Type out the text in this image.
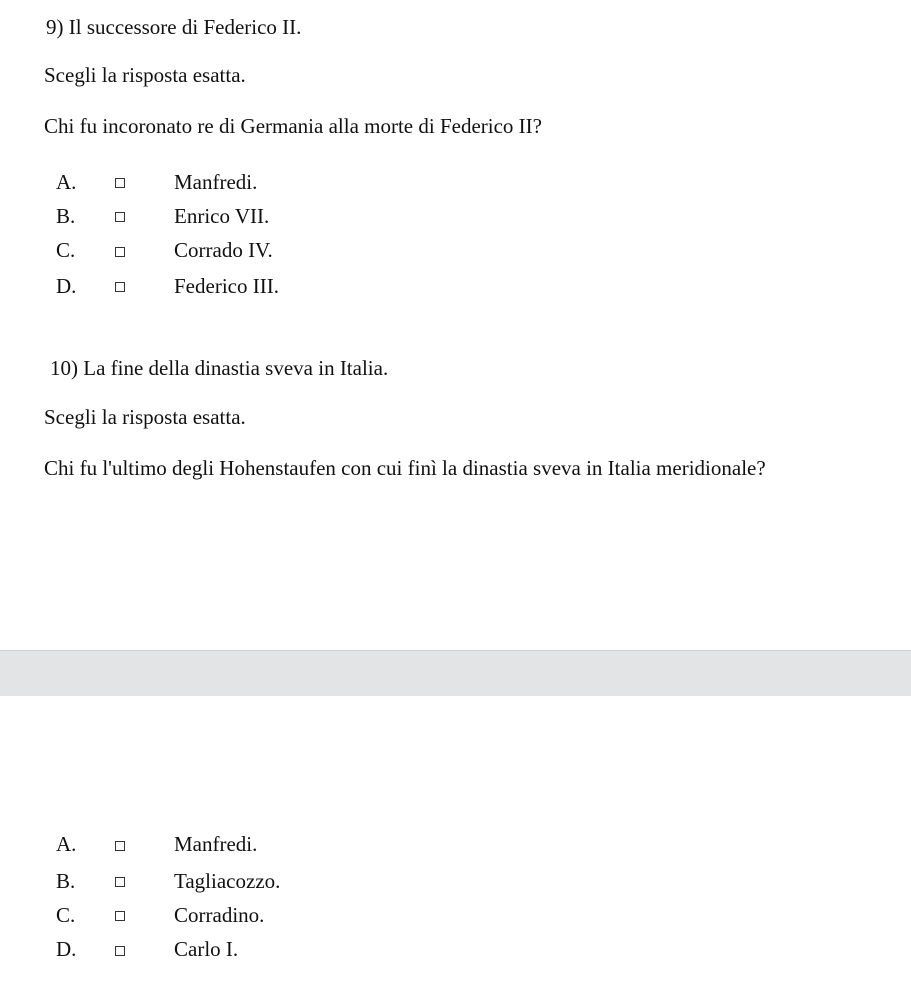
9) Il successore di Federico II.
Scegli la risposta esatta.
Chi fu incoronato re di Germania alla morte di Federico II?
A.	Manfredi.
B.	Enrico VII.
C.	Corrado IV.
D.	Federico III.
10) La fine della dinastia sveva in Italia.
Scegli la risposta esatta.
Chi fu l'ultimo degli Hohenstaufen con cui finì la dinastia sveva in Italia meridionale?
A.	Manfredi.
B.	Tagliacozzo.
C.	Corradino.
D.	Carlo I.
